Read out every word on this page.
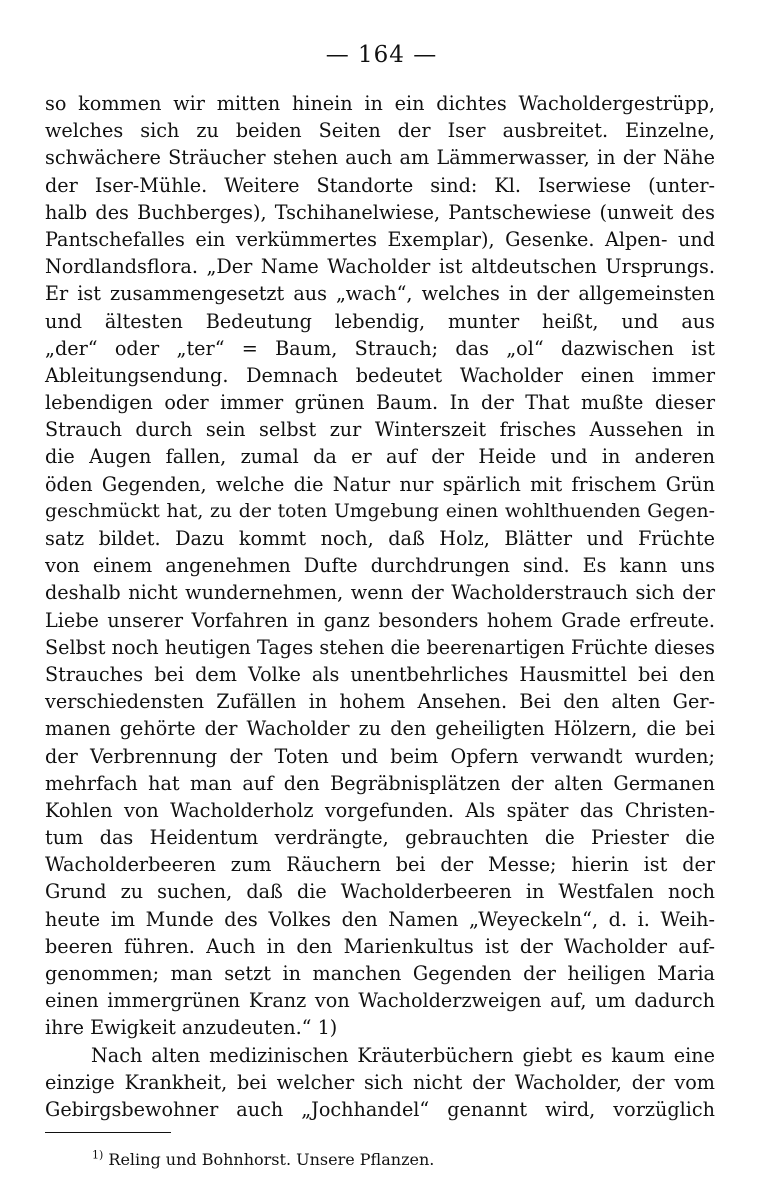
— 164 —
so kommen wir mitten hinein in ein dichtes Wacholdergestrüpp,
welches sich zu beiden Seiten der Iser ausbreitet. Einzelne,
schwächere Sträucher stehen auch am Lämmerwasser, in der Nähe
der Iser-Mühle. Weitere Standorte sind: Kl. Iserwiese (unter-
halb des Buchberges), Tschihanelwiese, Pantschewiese (unweit des
Pantschefalles ein verkümmertes Exemplar), Gesenke. Alpen- und
Nordlandsflora. „Der Name Wacholder ist altdeutschen Ursprungs.
Er ist zusammengesetzt aus „wach“, welches in der allgemeinsten
und ältesten Bedeutung lebendig, munter heißt, und aus
„der“ oder „ter“ = Baum, Strauch; das „ol“ dazwischen ist
Ableitungsendung. Demnach bedeutet Wacholder einen immer
lebendigen oder immer grünen Baum. In der That mußte dieser
Strauch durch sein selbst zur Winterszeit frisches Aussehen in
die Augen fallen, zumal da er auf der Heide und in anderen
öden Gegenden, welche die Natur nur spärlich mit frischem Grün
geschmückt hat, zu der toten Umgebung einen wohlthuenden Gegen-
satz bildet. Dazu kommt noch, daß Holz, Blätter und Früchte
von einem angenehmen Dufte durchdrungen sind. Es kann uns
deshalb nicht wundernehmen, wenn der Wacholderstrauch sich der
Liebe unserer Vorfahren in ganz besonders hohem Grade erfreute.
Selbst noch heutigen Tages stehen die beerenartigen Früchte dieses
Strauches bei dem Volke als unentbehrliches Hausmittel bei den
verschiedensten Zufällen in hohem Ansehen. Bei den alten Ger-
manen gehörte der Wacholder zu den geheiligten Hölzern, die bei
der Verbrennung der Toten und beim Opfern verwandt wurden;
mehrfach hat man auf den Begräbnisplätzen der alten Germanen
Kohlen von Wacholderholz vorgefunden. Als später das Christen-
tum das Heidentum verdrängte, gebrauchten die Priester die
Wacholderbeeren zum Räuchern bei der Messe; hierin ist der
Grund zu suchen, daß die Wacholderbeeren in Westfalen noch
heute im Munde des Volkes den Namen „Weyeckeln“, d. i. Weih-
beeren führen. Auch in den Marienkultus ist der Wacholder auf-
genommen; man setzt in manchen Gegenden der heiligen Maria
einen immergrünen Kranz von Wacholderzweigen auf, um dadurch
ihre Ewigkeit anzudeuten.“ 1)
Nach alten medizinischen Kräuterbüchern giebt es kaum eine
einzige Krankheit, bei welcher sich nicht der Wacholder, der vom
Gebirgsbewohner auch „Jochhandel“ genannt wird, vorzüglich
$^{1)}$ Reling und Bohnhorst. Unsere Pflanzen.
